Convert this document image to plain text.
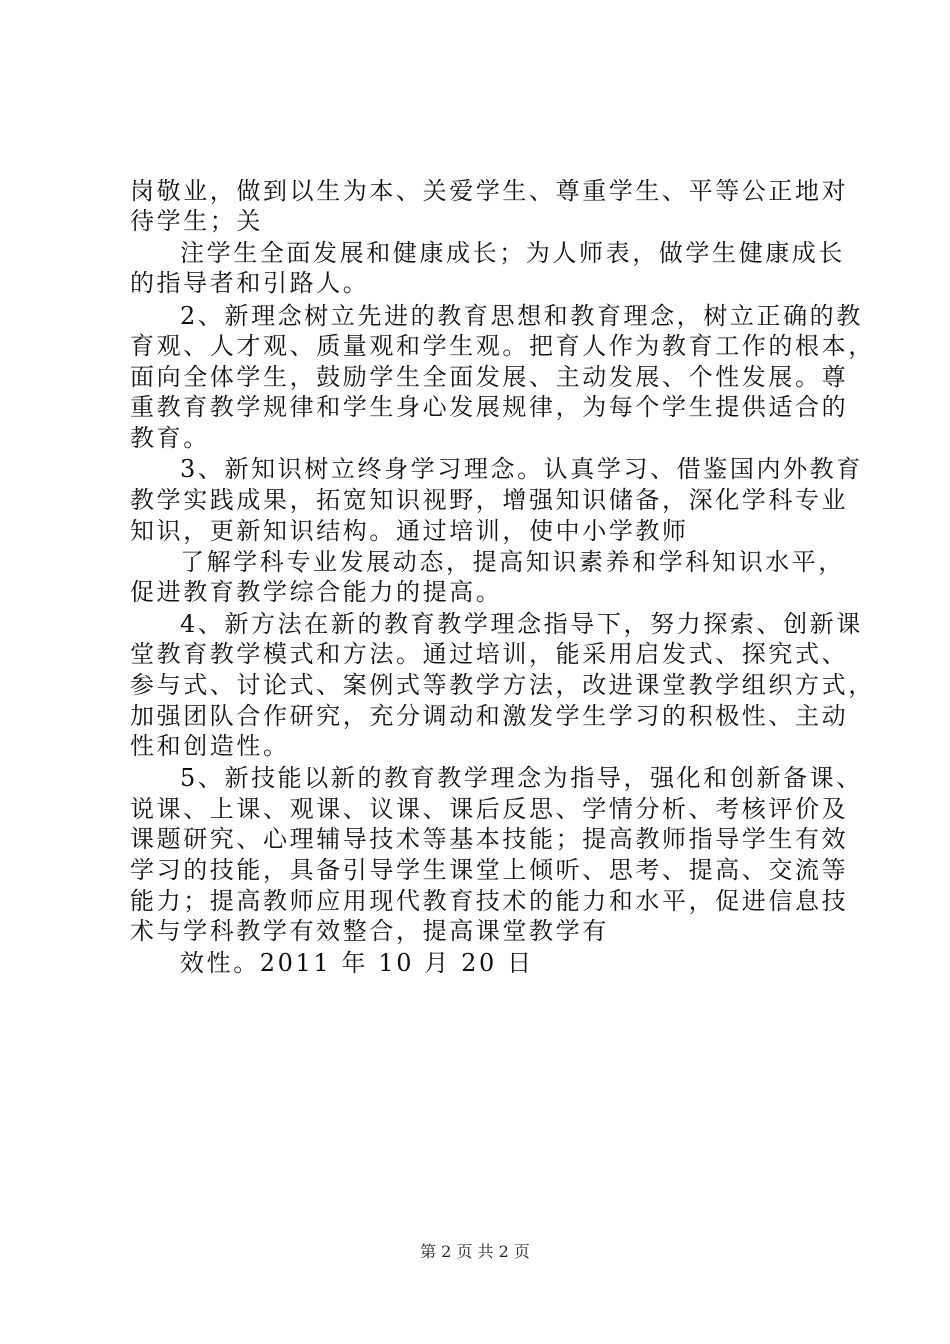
岗敬业，做到以生为本、关爱学生、尊重学生、平等公正地对
待学生；关
注学生全面发展和健康成长；为人师表，做学生健康成长
的指导者和引路人。
2、新理念树立先进的教育思想和教育理念，树立正确的教
育观、人才观、质量观和学生观。把育人作为教育工作的根本，
面向全体学生，鼓励学生全面发展、主动发展、个性发展。尊
重教育教学规律和学生身心发展规律，为每个学生提供适合的
教育。
3、新知识树立终身学习理念。认真学习、借鉴国内外教育
教学实践成果，拓宽知识视野，增强知识储备，深化学科专业
知识，更新知识结构。通过培训，使中小学教师
了解学科专业发展动态，提高知识素养和学科知识水平，
促进教育教学综合能力的提高。
4、新方法在新的教育教学理念指导下，努力探索、创新课
堂教育教学模式和方法。通过培训，能采用启发式、探究式、
参与式、讨论式、案例式等教学方法，改进课堂教学组织方式，
加强团队合作研究，充分调动和激发学生学习的积极性、主动
性和创造性。
5、新技能以新的教育教学理念为指导，强化和创新备课、
说课、上课、观课、议课、课后反思、学情分析、考核评价及
课题研究、心理辅导技术等基本技能；提高教师指导学生有效
学习的技能，具备引导学生课堂上倾听、思考、提高、交流等
能力；提高教师应用现代教育技术的能力和水平，促进信息技
术与学科教学有效整合，提高课堂教学有
效性。2011 年 10 月 20 日
第 2 页 共 2 页
